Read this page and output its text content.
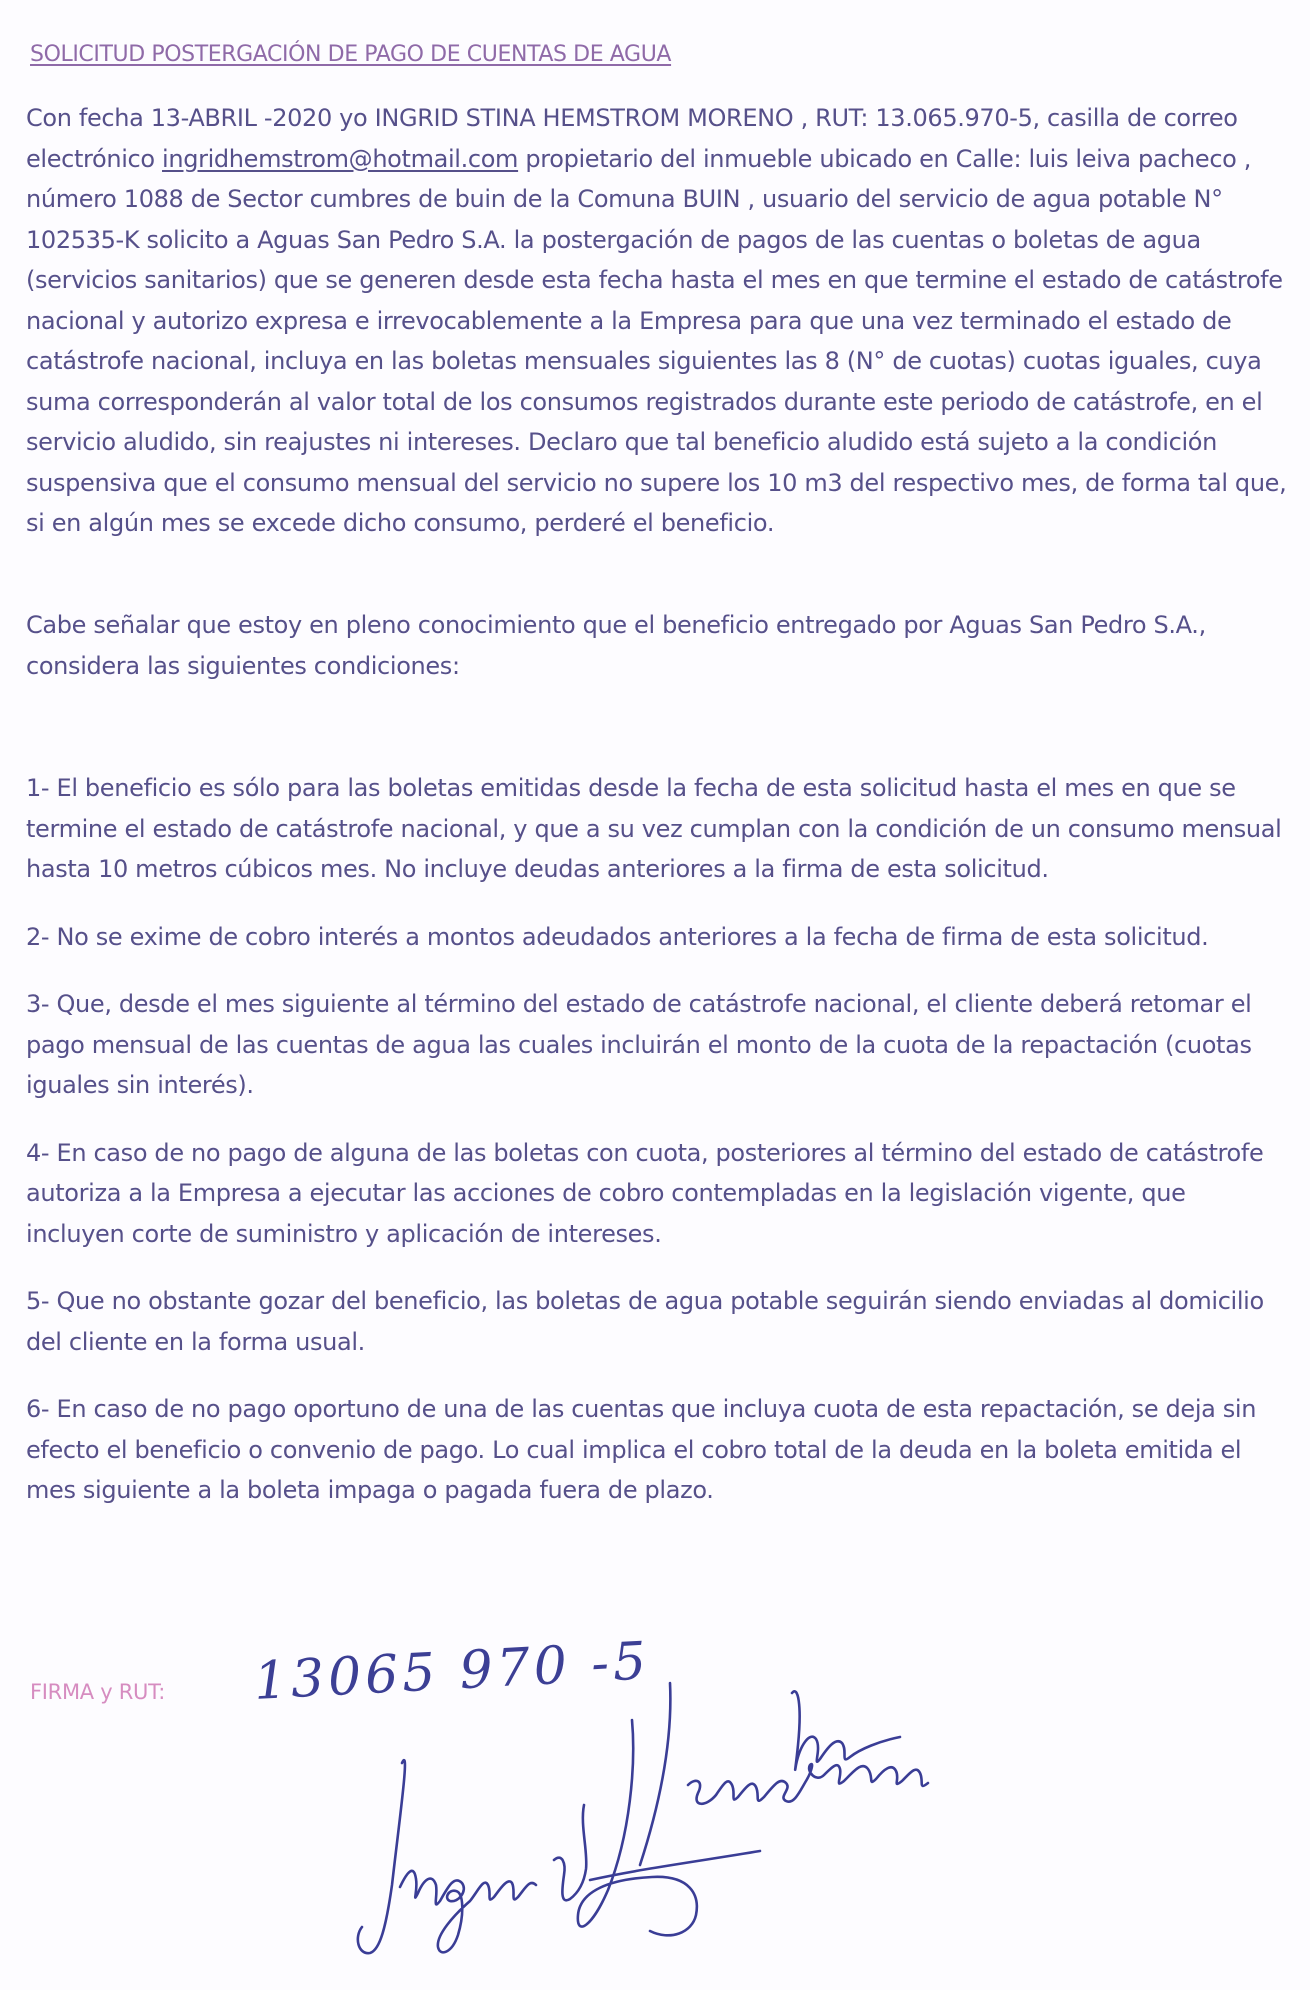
SOLICITUD POSTERGACIÓN DE PAGO DE CUENTAS DE AGUA

Con fecha 13-ABRIL -2020 yo INGRID STINA HEMSTROM MORENO , RUT: 13.065.970-5, casilla de correo electrónico ingridhemstrom@hotmail.com propietario del inmueble ubicado en Calle: luis leiva pacheco , número 1088 de Sector cumbres de buin de la Comuna BUIN , usuario del servicio de agua potable N° 102535-K solicito a Aguas San Pedro S.A. la postergación de pagos de las cuentas o boletas de agua (servicios sanitarios) que se generen desde esta fecha hasta el mes en que termine el estado de catástrofe nacional y autorizo expresa e irrevocablemente a la Empresa para que una vez terminado el estado de catástrofe nacional, incluya en las boletas mensuales siguientes las 8 (N° de cuotas) cuotas iguales, cuya suma corresponderán al valor total de los consumos registrados durante este periodo de catástrofe, en el servicio aludido, sin reajustes ni intereses. Declaro que tal beneficio aludido está sujeto a la condición suspensiva que el consumo mensual del servicio no supere los 10 m3 del respectivo mes, de forma tal que, si en algún mes se excede dicho consumo, perderé el beneficio.

Cabe señalar que estoy en pleno conocimiento que el beneficio entregado por Aguas San Pedro S.A., considera las siguientes condiciones:

1- El beneficio es sólo para las boletas emitidas desde la fecha de esta solicitud hasta el mes en que se termine el estado de catástrofe nacional, y que a su vez cumplan con la condición de un consumo mensual hasta 10 metros cúbicos mes. No incluye deudas anteriores a la firma de esta solicitud.

2- No se exime de cobro interés a montos adeudados anteriores a la fecha de firma de esta solicitud.

3- Que, desde el mes siguiente al término del estado de catástrofe nacional, el cliente deberá retomar el pago mensual de las cuentas de agua las cuales incluirán el monto de la cuota de la repactación (cuotas iguales sin interés).

4- En caso de no pago de alguna de las boletas con cuota, posteriores al término del estado de catástrofe autoriza a la Empresa a ejecutar las acciones de cobro contempladas en la legislación vigente, que incluyen corte de suministro y aplicación de intereses.

5- Que no obstante gozar del beneficio, las boletas de agua potable seguirán siendo enviadas al domicilio del cliente en la forma usual.

6- En caso de no pago oportuno de una de las cuentas que incluya cuota de esta repactación, se deja sin efecto el beneficio o convenio de pago. Lo cual implica el cobro total de la deuda en la boleta emitida el mes siguiente a la boleta impaga o pagada fuera de plazo.

FIRMA y RUT: 13065 970 -5
